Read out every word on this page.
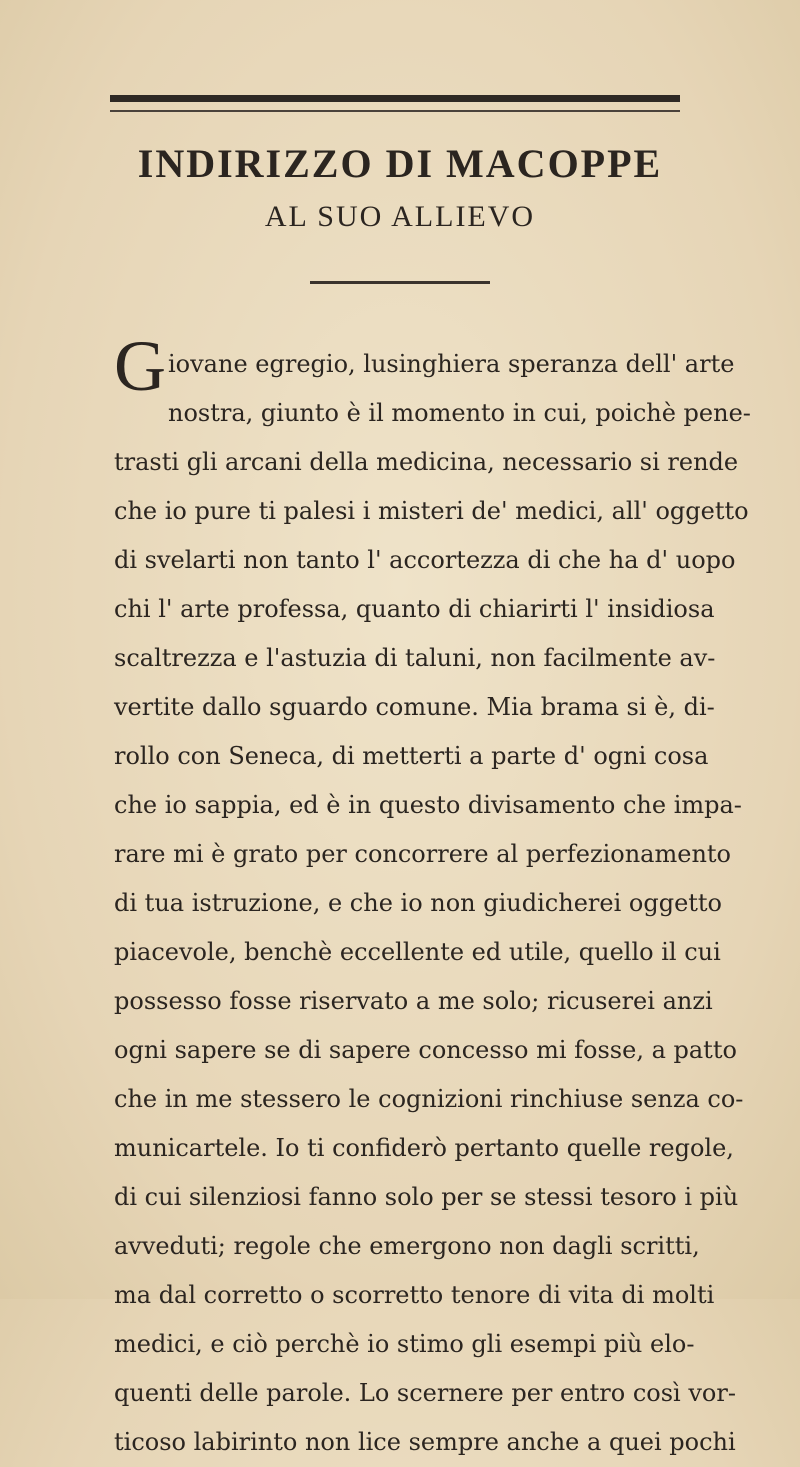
INDIRIZZO DI MACOPPE
AL SUO ALLIEVO
G iovane egregio, lusinghiera speranza dell' arte
nostra, giunto è il momento in cui, poichè pene-
trasti gli arcani della medicina, necessario si rende
che io pure ti palesi i misteri de' medici, all' oggetto
di svelarti non tanto l' accortezza di che ha d' uopo
chi l' arte professa, quanto di chiarirti l' insidiosa
scaltrezza e l'astuzia di taluni, non facilmente av-
vertite dallo sguardo comune. Mia brama si è, di-
rollo con Seneca, di metterti a parte d' ogni cosa
che io sappia, ed è in questo divisamento che impa-
rare mi è grato per concorrere al perfezionamento
di tua istruzione, e che io non giudicherei oggetto
piacevole, benchè eccellente ed utile, quello il cui
possesso fosse riservato a me solo; ricuserei anzi
ogni sapere se di sapere concesso mi fosse, a patto
che in me stessero le cognizioni rinchiuse senza co-
municartele. Io ti confiderò pertanto quelle regole,
di cui silenziosi fanno solo per se stessi tesoro i più
avveduti; regole che emergono non dagli scritti,
ma dal corretto o scorretto tenore di vita di molti
medici, e ciò perchè io stimo gli esempi più elo-
quenti delle parole. Lo scernere per entro così vor-
ticoso labirinto non lice sempre anche a quei pochi
